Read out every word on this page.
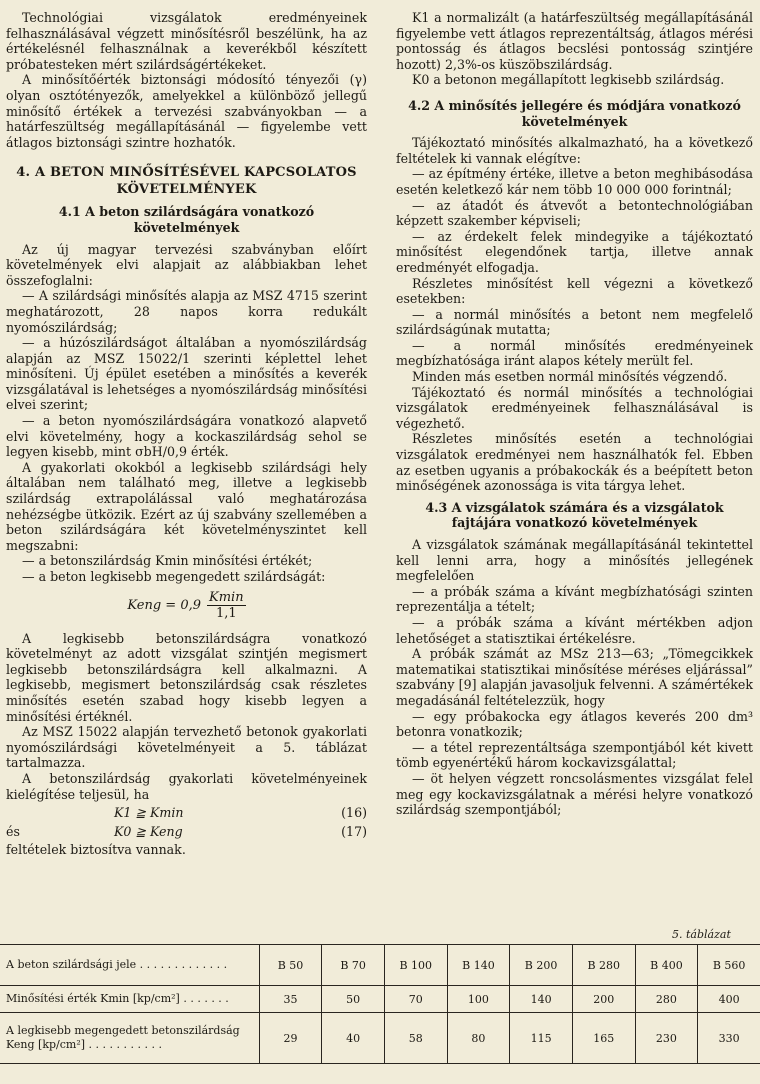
Technológiai vizsgálatok eredményeinek felhasználásával végzett minősítésről beszélünk, ha az értékelésnél felhasználnak a keverékből készített próbatesteken mért szilárdságértékeket.

A minősítőérték biztonsági módosító tényezői (γ) olyan osztótényezők, amelyekkel a különböző jellegű minősítő értékek a tervezési szabványokban — a határfeszültség megállapításánál — figyelembe vett átlagos biztonsági szintre hozhatók.

4. A BETON MINŐSÍTÉSÉVEL KAPCSOLATOS KÖVETELMÉNYEK
4.1 A beton szilárdságára vonatkozó követelmények

Az új magyar tervezési szabványban előírt követelmények elvi alapjait az alábbiakban lehet összefoglalni:

— A szilárdsági minősítés alapja az MSZ 4715 szerint meghatározott, 28 napos korra redukált nyomószilárdság;

— a húzószilárdságot általában a nyomószilárdság alapján az MSZ 15022/1 szerinti képlettel lehet minősíteni. Új épület esetében a minősítés a keverék vizsgálatával is lehetséges a nyomószilárdság minősítési elvei szerint;

— a beton nyomószilárdságára vonatkozó alapvető elvi követelmény, hogy a kockaszilárdság sehol se legyen kisebb, mint σbH/0,9 érték.

A gyakorlati okokból a legkisebb szilárdsági hely általában nem található meg, illetve a legkisebb szilárdság extrapolálással való meghatározása nehézségbe ütközik. Ezért az új szabvány szellemében a beton szilárdságára két követelményszintet kell megszabni:

— a betonszilárdság Kmin minősítési értékét;

— a beton legkisebb megengedett szilárdságát:

Keng = $0,9 \frac{Kmin}{1,1}$

A legkisebb betonszilárdságra vonatkozó követelményt az adott vizsgálat szintjén megismert legkisebb betonszilárdságra kell alkalmazni. A legkisebb, megismert betonszilárdság csak részletes minősítés esetén szabad hogy kisebb legyen a minősítési értéknél.

Az MSZ 15022 alapján tervezhető betonok gyakorlati nyomószilárdsági követelményeit a 5. táblázat tartalmazza.

A betonszilárdság gyakorlati követelményeinek kielégítése teljesül, ha

K1 ≧ Kmin	(16)
és	K0 ≧ Keng	(17)

feltételek biztosítva vannak.

K1 a normalizált (a határfeszültség megállapításánál figyelembe vett átlagos reprezentáltság, átlagos mérési pontosság és átlagos becslési pontosság szintjére hozott) 2,3%-os küszöbszilárdság.

K0 a betonon megállapított legkisebb szilárdság.

4.2 A minősítés jellegére és módjára vonatkozó követelmények

Tájékoztató minősítés alkalmazható, ha a következő feltételek ki vannak elégítve:

— az építmény értéke, illetve a beton meghibásodása esetén keletkező kár nem több 10 000 000 forintnál;

— az átadót és átvevőt a betontechnológiában képzett szakember képviseli;

— az érdekelt felek mindegyike a tájékoztató minősítést elegendőnek tartja, illetve annak eredményét elfogadja.

Részletes minősítést kell végezni a következő esetekben:

— a normál minősítés a betont nem megfelelő szilárdságúnak mutatta;

— a normál minősítés eredményeinek megbízhatósága iránt alapos kétely merült fel.

Minden más esetben normál minősítés végzendő.

Tájékoztató és normál minősítés a technológiai vizsgálatok eredményeinek felhasználásával is végezhető.

Részletes minősítés esetén a technológiai vizsgálatok eredményei nem használhatók fel. Ebben az esetben ugyanis a próbakockák és a beépített beton minőségének azonossága is vita tárgya lehet.

4.3 A vizsgálatok számára és a vizsgálatok fajtájára vonatkozó követelmények

A vizsgálatok számának megállapításánál tekintettel kell lenni arra, hogy a minősítés jellegének megfelelően

— a próbák száma a kívánt megbízhatósági szinten reprezentálja a tételt;

— a próbák száma a kívánt mértékben adjon lehetőséget a statisztikai értékelésre.

A próbák számát az MSz 213—63; „Tömegcikkek matematikai statisztikai minősítése méréses eljárással” szabvány [9] alapján javasoljuk felvenni. A számértékek megadásánál feltételezzük, hogy

— egy próbakocka egy átlagos keverés 200 dm³ betonra vonatkozik;

— a tétel reprezentáltsága szempontjából két kivett tömb egyenértékű három kockavizsgálattal;

— öt helyen végzett roncsolásmentes vizsgálat felel meg egy kockavizsgálatnak a mérési helyre vonatkozó szilárdság szempontjából;

5. táblázat
A beton szilárdsági jele . . . . . . . . . . . . .	B 50	B 70	B 100	B 140	B 200	B 280	B 400	B 560
Minősítési érték Kmin [kp/cm²] . . . . . . .	35	50	70	100	140	200	280	400
A legkisebb megengedett betonszilárdság Keng [kp/cm²] . . . . . . . . . . .	29	40	58	80	115	165	230	330
